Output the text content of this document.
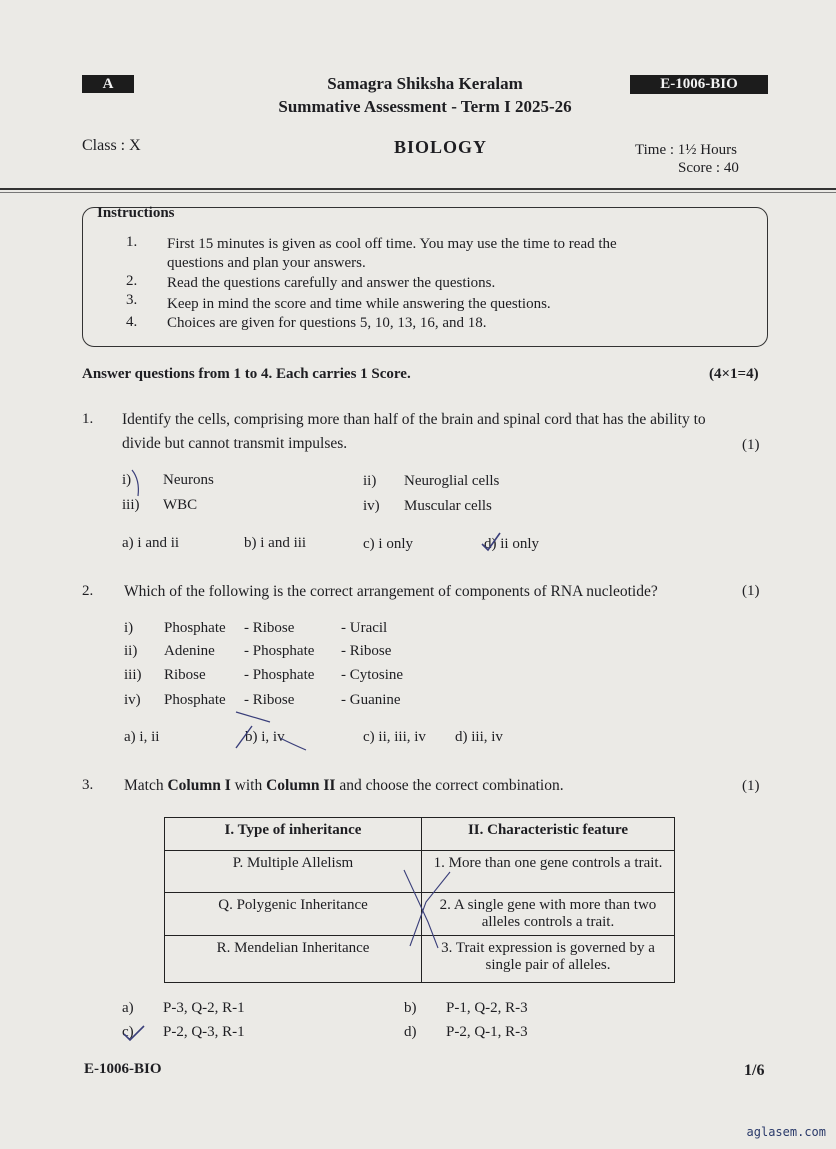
A	Samagra Shiksha Keralam
Summative Assessment - Term I 2025-26
E-1006-BIO
Class : X	BIOLOGY	Time : 1½ Hours
Score : 40
Instructions
1. First 15 minutes is given as cool off time. You may use the time to read the
questions and plan your answers.
2. Read the questions carefully and answer the questions.
3. Keep in mind the score and time while answering the questions.
4. Choices are given for questions 5, 10, 13, 16, and 18.
Answer questions from 1 to 4. Each carries 1 Score.	(4×1=4)
1. Identify the cells, comprising more than half of the brain and spinal cord that has the ability to
divide but cannot transmit impulses.	(1)
i) Neurons	ii) Neuroglial cells
iii) WBC	iv) Muscular cells
a) i and ii	b) i and iii	c) i only	d) ii only
2. Which of the following is the correct arrangement of components of RNA nucleotide?	(1)
i) Phosphate - Ribose	- Uracil
ii) Adenine - Phosphate - Ribose
iii) Ribose	- Phosphate - Cytosine
iv) Phosphate - Ribose	- Guanine
a) i, ii	b) i, iv	c) ii, iii, iv d) iii, iv
3. Match Column I with Column II and choose the correct combination.	(1)
I. Type of inheritance	II. Characteristic feature
P. Multiple Allelism	1. More than one gene controls a trait.
Q. Polygenic Inheritance	2. A single gene with more than two alleles controls a trait.
R. Mendelian Inheritance	3. Trait expression is governed by a single pair of alleles.
a) P-3, Q-2, R-1	b) P-1, Q-2, R-3
c) P-2, Q-3, R-1	d) P-2, Q-1, R-3
E-1006-BIO	1/6
aglasem.com
